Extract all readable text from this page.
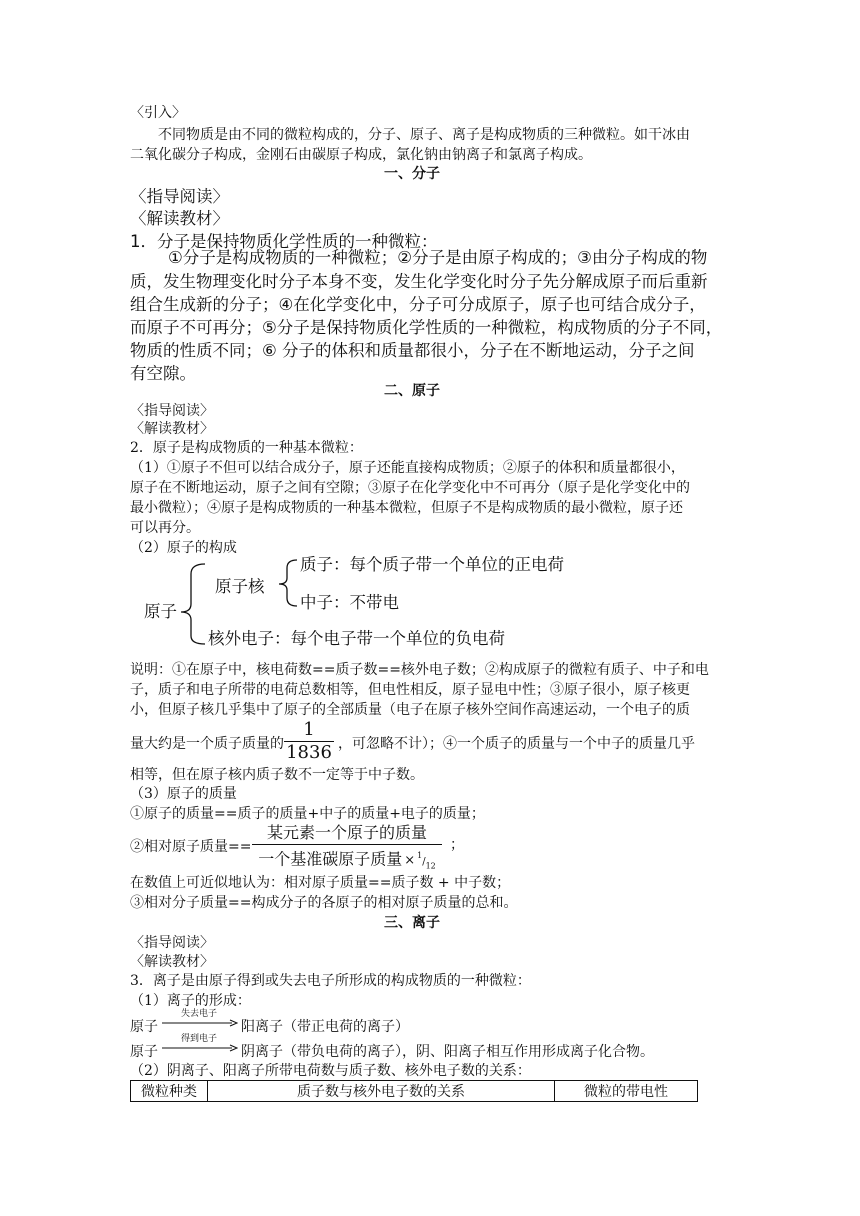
〈引入〉
不同物质是由不同的微粒构成的，分子、原子、离子是构成物质的三种微粒。如干冰由
二氧化碳分子构成，金刚石由碳原子构成，氯化钠由钠离子和氯离子构成。
一、分子
〈指导阅读〉
〈解读教材〉
1．分子是保持物质化学性质的一种微粒：
①分子是构成物质的一种微粒；②分子是由原子构成的；③由分子构成的物
质，发生物理变化时分子本身不变，发生化学变化时分子先分解成原子而后重新
组合生成新的分子；④在化学变化中，分子可分成原子，原子也可结合成分子，
而原子不可再分；⑤分子是保持物质化学性质的一种微粒，构成物质的分子不同，
物质的性质不同；⑥ 分子的体积和质量都很小，分子在不断地运动，分子之间
有空隙。
二、原子
〈指导阅读〉
〈解读教材〉
2．原子是构成物质的一种基本微粒：
（1）①原子不但可以结合成分子，原子还能直接构成物质；②原子的体积和质量都很小，
原子在不断地运动，原子之间有空隙；③原子在化学变化中不可再分（原子是化学变化中的
最小微粒）；④原子是构成物质的一种基本微粒，但原子不是构成物质的最小微粒，原子还
可以再分。
（2）原子的构成
原子
原子核
质子：每个质子带一个单位的正电荷
中子：不带电
核外电子：每个电子带一个单位的负电荷
说明：①在原子中，核电荷数==质子数==核外电子数；②构成原子的微粒有质子、中子和电
子，质子和电子所带的电荷总数相等，但电性相反，原子显电中性；③原子很小，原子核更
小，但原子核几乎集中了原子的全部质量（电子在原子核外空间作高速运动，一个电子的质
量大约是一个质子质量的
1
1836 ，可忽略不计）；④一个质子的质量与一个中子的质量几乎
相等，但在原子核内质子数不一定等于中子数。
（3）原子的质量
①原子的质量==质子的质量+中子的质量+电子的质量；
②相对原子质量==
某元素一个原子的质量
一个基准碳原子质量 × $^1/_{12}$
；
在数值上可近似地认为：相对原子质量==质子数 + 中子数；
③相对分子质量==构成分子的各原子的相对原子质量的总和。
三、离子
〈指导阅读〉
〈解读教材〉
3．离子是由原子得到或失去电子所形成的构成物质的一种微粒：
（1）离子的形成：
原子
失去电子
阳离子（带正电荷的离子）
原子
得到电子
阴离子（带负电荷的离子），阴、阳离子相互作用形成离子化合物。
（2）阴离子、阳离子所带电荷数与质子数、核外电子数的关系：
微粒种类	质子数与核外电子数的关系	微粒的带电性
